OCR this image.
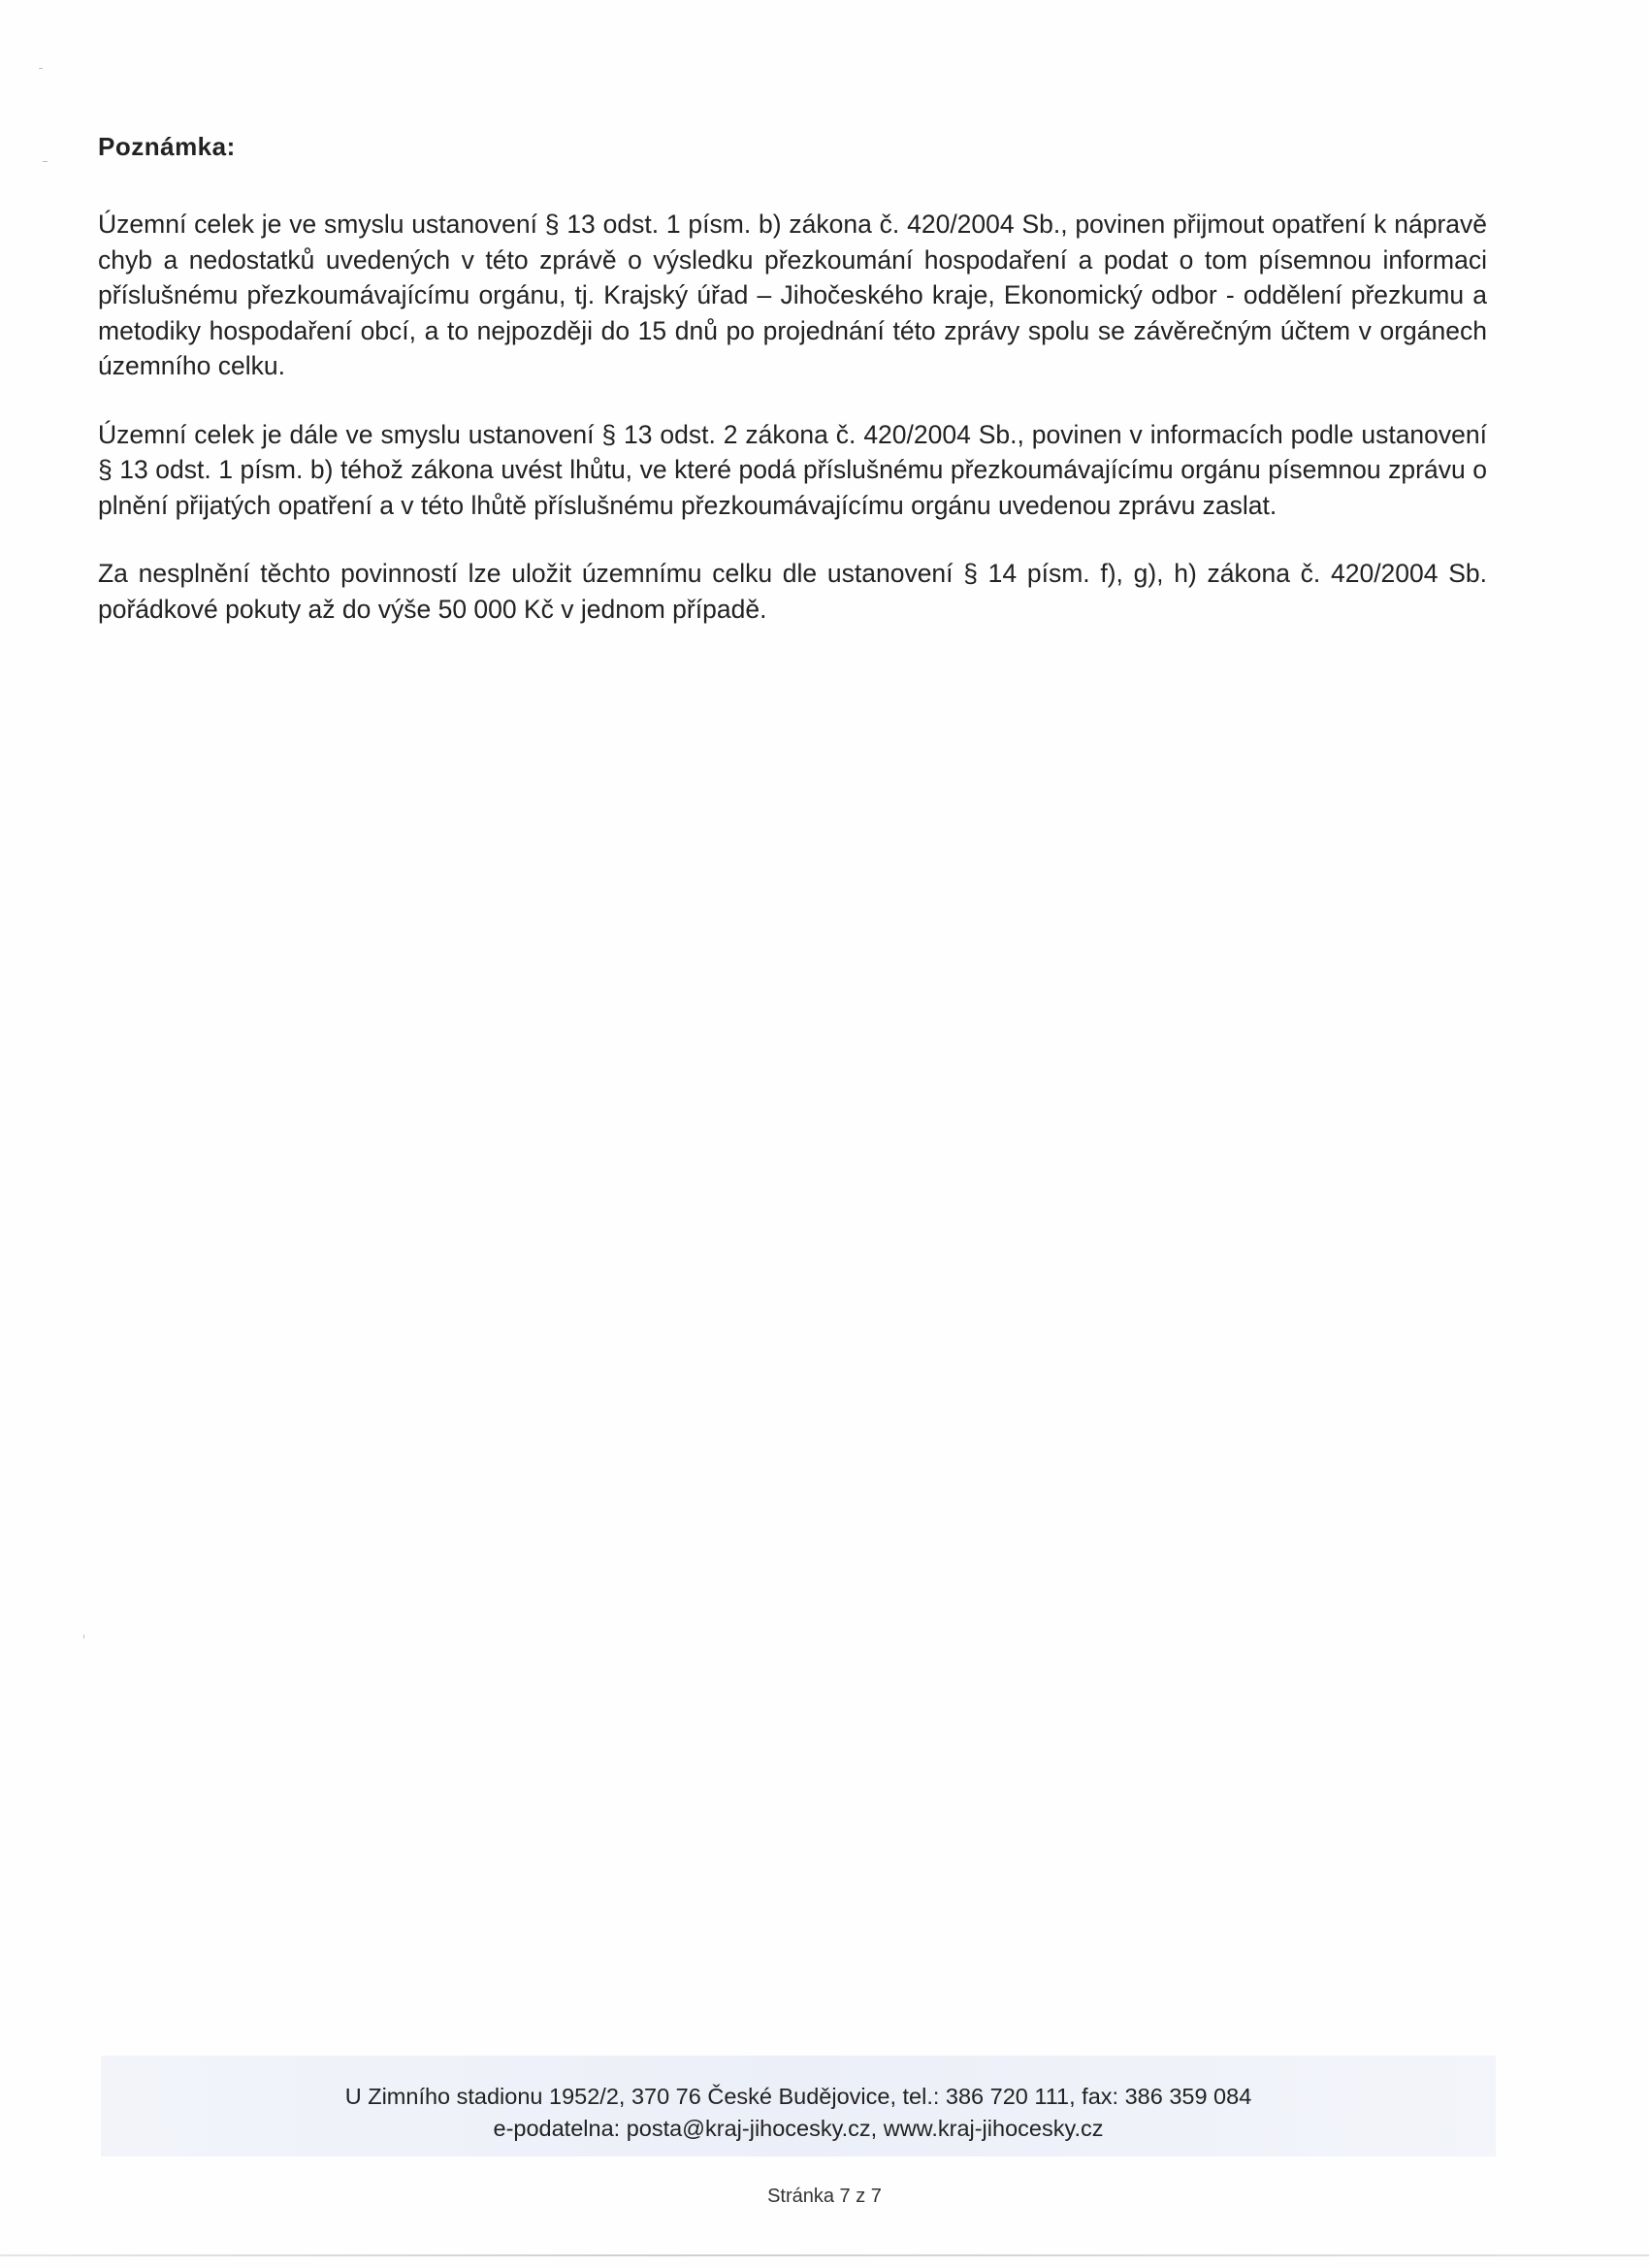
Poznámka:

Územní celek je ve smyslu ustanovení § 13 odst. 1 písm. b) zákona č. 420/2004 Sb., povinen přijmout opatření k nápravě chyb a nedostatků uvedených v této zprávě o výsledku přezkoumání hospodaření a podat o tom písemnou informaci příslušnému přezkoumávajícímu orgánu, tj. Krajský úřad – Jihočeského kraje, Ekonomický odbor - oddělení přezkumu a metodiky hospodaření obcí, a to nejpozději do 15 dnů po projednání této zprávy spolu se závěrečným účtem v orgánech územního celku.

Územní celek je dále ve smyslu ustanovení § 13 odst. 2 zákona č. 420/2004 Sb., povinen v informacích podle ustanovení § 13 odst. 1 písm. b) téhož zákona uvést lhůtu, ve které podá příslušnému přezkoumávajícímu orgánu písemnou zprávu o plnění přijatých opatření a v této lhůtě příslušnému přezkoumávajícímu orgánu uvedenou zprávu zaslat.

Za nesplnění těchto povinností lze uložit územnímu celku dle ustanovení § 14 písm. f), g), h) zákona č. 420/2004 Sb. pořádkové pokuty až do výše 50 000 Kč v jednom případě.

U Zimního stadionu 1952/2, 370 76 České Budějovice, tel.: 386 720 111, fax: 386 359 084
e-podatelna: posta@kraj-jihocesky.cz, www.kraj-jihocesky.cz
Stránka 7 z 7
